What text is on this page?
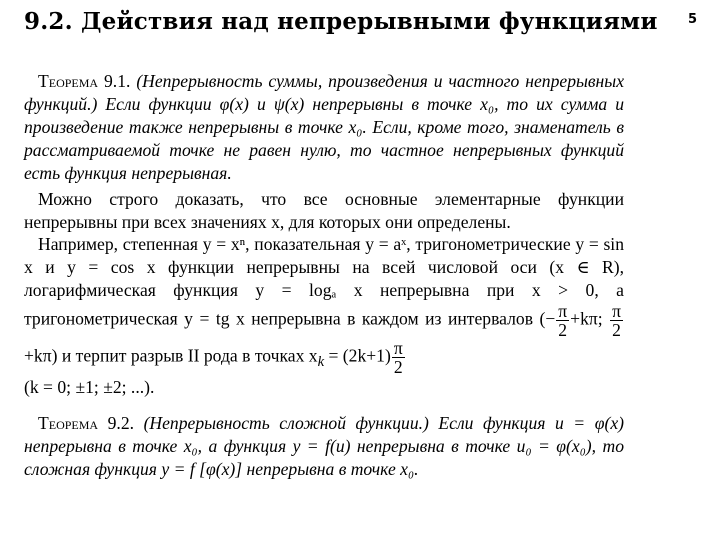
9.2. Действия над непрерывными функциями	5
Теорема 9.1. (Непрерывность суммы, произведения и частного непрерывных функций.) Если функции φ(x) и ψ(x) непрерывны в точке x₀, то их сумма и произведение также непрерывны в точке x₀. Если, кроме того, знаменатель в рассматриваемой точке не равен нулю, то частное непрерывных функций есть функция непрерывная.
Можно строго доказать, что все основные элементарные функции непрерывны при всех значениях x, для которых они определены.
Например, степенная y = xⁿ, показательная y = aˣ, тригонометрические y = sin x и y = cos x функции непрерывны на всей числовой оси (x ∈ R), логарифмическая функция y = logₐ x непрерывна при x > 0, а тригонометрическая y = tg x непрерывна в каждом из интервалов (− $\frac{\pi}{2} +k\pi$; $\frac{\pi}{2}$
+kπ) и терпит разрыв II рода в точках $x_k = (2k+1) \frac{\pi}{2}$

(k = 0; ±1; ±2; ...).
Теорема 9.2. (Непрерывность сложной функции.) Если функция u = φ(x) непрерывна в точке x₀, а функция y = f(u) непрерывна в точке u₀ = φ(x₀), то сложная функция y = f [φ(x)] непрерывна в точке x₀.
